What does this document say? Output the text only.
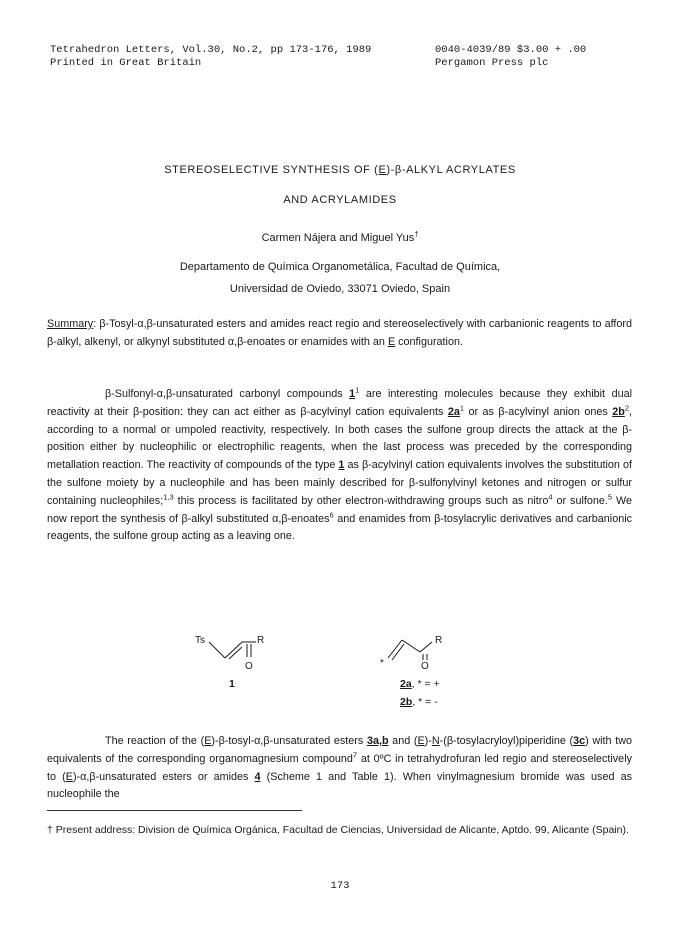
Tetrahedron Letters, Vol.30, No.2, pp 173-176, 1989	0040-4039/89 $3.00 + .00
Printed in Great Britain	Pergamon Press plc
STEREOSELECTIVE SYNTHESIS OF (E)-β-ALKYL ACRYLATES
AND ACRYLAMIDES
Carmen Nájera and Miguel Yus†
Departamento de Química Organometálica, Facultad de Química,
Universidad de Oviedo, 33071 Oviedo, Spain
Summary: β-Tosyl-α,β-unsaturated esters and amides react regio and stereoselectively with carbanionic reagents to afford β-alkyl, alkenyl, or alkynyl substituted α,β-enoates or enamides with an E configuration.
β-Sulfonyl-α,β-unsaturated carbonyl compounds $1^1$ are interesting molecules because they exhibit dual reactivity at their β-position: they can act either as β-acylvinyl cation equivalents $2a^1$ or as β-acylvinyl anion ones $2b^2$, according to a normal or umpoled reactivity, respectively. In both cases the sulfone group directs the attack at the β-position either by nucleophilic or electrophilic reagents, when the last process was preceded by the corresponding metallation reaction. The reactivity of compounds of the type 1 as β-acylvinyl cation equivalents involves the substitution of the sulfone moiety by a nucleophile and has been mainly described for β-sulfonylvinyl ketones and nitrogen or sulfur containing nucleophiles;$^{1,3}$ this process is facilitated by other electron-withdrawing groups such as nitro$^4$ or sulfone.$^5$ We now report the synthesis of β-alkyl substituted α,β-enoates$^6$ and enamides from β-tosylacrylic derivatives and carbanionic reagents, the sulfone group acting as a leaving one.
Ts	R
O
1
*
R
O
2a, * = +
2b, * = -
The reaction of the (E)-β-tosyl-α,β-unsaturated esters 3a,b and (E)-N-(β-tosylacryloyl)piperidine (3c) with two equivalents of the corresponding organomagnesium compound$^7$ at 0ºC in tetrahydrofuran led regio and stereoselectively to (E)-α,β-unsaturated esters or amides 4 (Scheme 1 and Table 1). When vinylmagnesium bromide was used as nucleophile the
† Present address: Division de Química Orgánica, Facultad de Ciencias, Universidad de Alicante, Aptdo. 99, Alicante (Spain).
173
